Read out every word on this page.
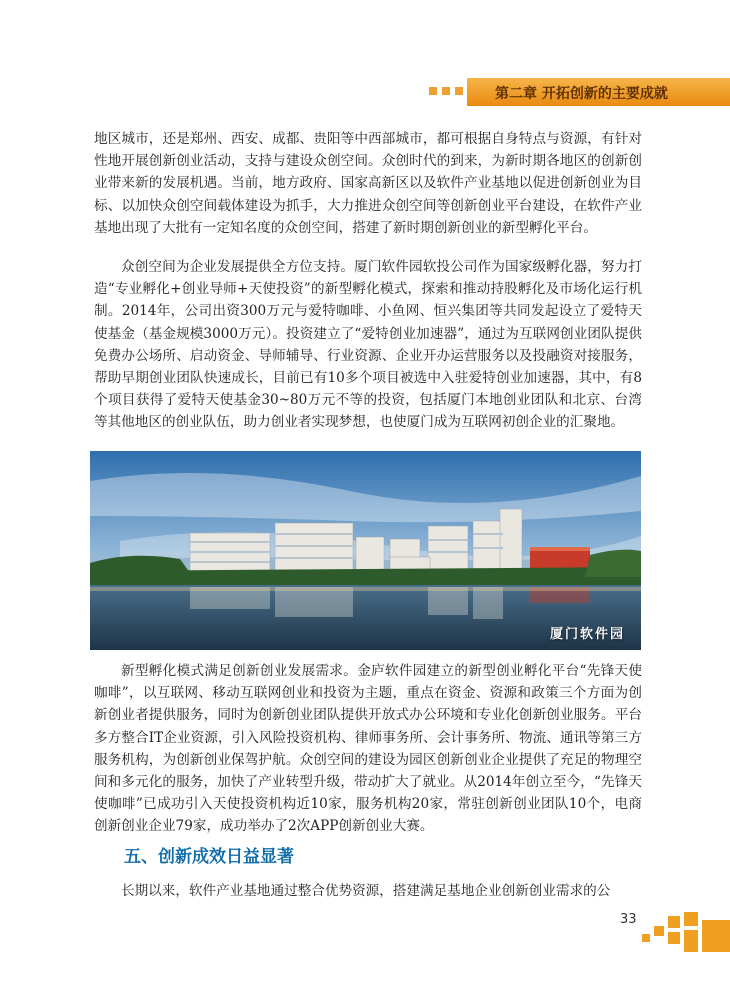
第二章 开拓创新的主要成就

地区城市，还是郑州、西安、成都、贵阳等中西部城市，都可根据自身特点与资源，有针对性地开展创新创业活动，支持与建设众创空间。众创时代的到来，为新时期各地区的创新创业带来新的发展机遇。当前，地方政府、国家高新区以及软件产业基地以促进创新创业为目标、以加快众创空间载体建设为抓手，大力推进众创空间等创新创业平台建设，在软件产业基地出现了大批有一定知名度的众创空间，搭建了新时期创新创业的新型孵化平台。

众创空间为企业发展提供全方位支持。厦门软件园软投公司作为国家级孵化器，努力打造“专业孵化+创业导师+天使投资”的新型孵化模式，探索和推动持股孵化及市场化运行机制。2014年，公司出资300万元与爱特咖啡、小鱼网、恒兴集团等共同发起设立了爱特天使基金（基金规模3000万元）。投资建立了“爱特创业加速器”，通过为互联网创业团队提供免费办公场所、启动资金、导师辅导、行业资源、企业开办运营服务以及投融资对接服务，帮助早期创业团队快速成长，目前已有10多个项目被选中入驻爱特创业加速器，其中，有8个项目获得了爱特天使基金30~80万元不等的投资，包括厦门本地创业团队和北京、台湾等其他地区的创业队伍，助力创业者实现梦想，也使厦门成为互联网初创企业的汇聚地。

厦门软件园

新型孵化模式满足创新创业发展需求。金庐软件园建立的新型创业孵化平台“先锋天使咖啡”，以互联网、移动互联网创业和投资为主题，重点在资金、资源和政策三个方面为创新创业者提供服务，同时为创新创业团队提供开放式办公环境和专业化创新创业服务。平台多方整合IT企业资源，引入风险投资机构、律师事务所、会计事务所、物流、通讯等第三方服务机构，为创新创业保驾护航。众创空间的建设为园区创新创业企业提供了充足的物理空间和多元化的服务，加快了产业转型升级，带动扩大了就业。从2014年创立至今，“先锋天使咖啡”已成功引入天使投资机构近10家，服务机构20家，常驻创新创业团队10个，电商创新创业企业79家，成功举办了2次APP创新创业大赛。

五、创新成效日益显著

长期以来，软件产业基地通过整合优势资源，搭建满足基地企业创新创业需求的公

33
